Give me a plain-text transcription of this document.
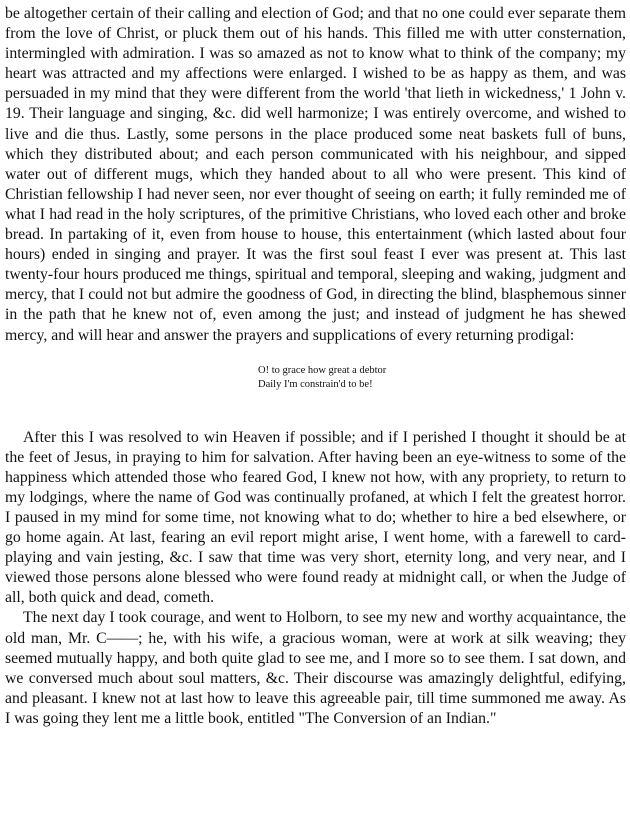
be altogether certain of their calling and election of God; and that no one could ever separate them from the love of Christ, or pluck them out of his hands. This filled me with utter consternation, intermingled with admiration. I was so amazed as not to know what to think of the company; my heart was attracted and my affections were enlarged. I wished to be as happy as them, and was persuaded in my mind that they were different from the world 'that lieth in wickedness,' 1 John v. 19. Their language and singing, &c. did well harmonize; I was entirely overcome, and wished to live and die thus. Lastly, some persons in the place produced some neat baskets full of buns, which they distributed about; and each person communicated with his neighbour, and sipped water out of different mugs, which they handed about to all who were present. This kind of Christian fellowship I had never seen, nor ever thought of seeing on earth; it fully reminded me of what I had read in the holy scriptures, of the primitive Christians, who loved each other and broke bread. In partaking of it, even from house to house, this entertainment (which lasted about four hours) ended in singing and prayer. It was the first soul feast I ever was present at. This last twenty-four hours produced me things, spiritual and temporal, sleeping and waking, judgment and mercy, that I could not but admire the goodness of God, in directing the blind, blasphemous sinner in the path that he knew not of, even among the just; and instead of judgment he has shewed mercy, and will hear and answer the prayers and supplications of every returning prodigal:

O! to grace how great a debtor
Daily I'm constrain'd to be!

After this I was resolved to win Heaven if possible; and if I perished I thought it should be at the feet of Jesus, in praying to him for salvation. After having been an eye-witness to some of the happiness which attended those who feared God, I knew not how, with any propriety, to return to my lodgings, where the name of God was continually profaned, at which I felt the greatest horror. I paused in my mind for some time, not knowing what to do; whether to hire a bed elsewhere, or go home again. At last, fearing an evil report might arise, I went home, with a farewell to card-playing and vain jesting, &c. I saw that time was very short, eternity long, and very near, and I viewed those persons alone blessed who were found ready at midnight call, or when the Judge of all, both quick and dead, cometh.

The next day I took courage, and went to Holborn, to see my new and worthy acquaintance, the old man, Mr. C——; he, with his wife, a gracious woman, were at work at silk weaving; they seemed mutually happy, and both quite glad to see me, and I more so to see them. I sat down, and we conversed much about soul matters, &c. Their discourse was amazingly delightful, edifying, and pleasant. I knew not at last how to leave this agreeable pair, till time summoned me away. As I was going they lent me a little book, entitled "The Conversion of an Indian."
